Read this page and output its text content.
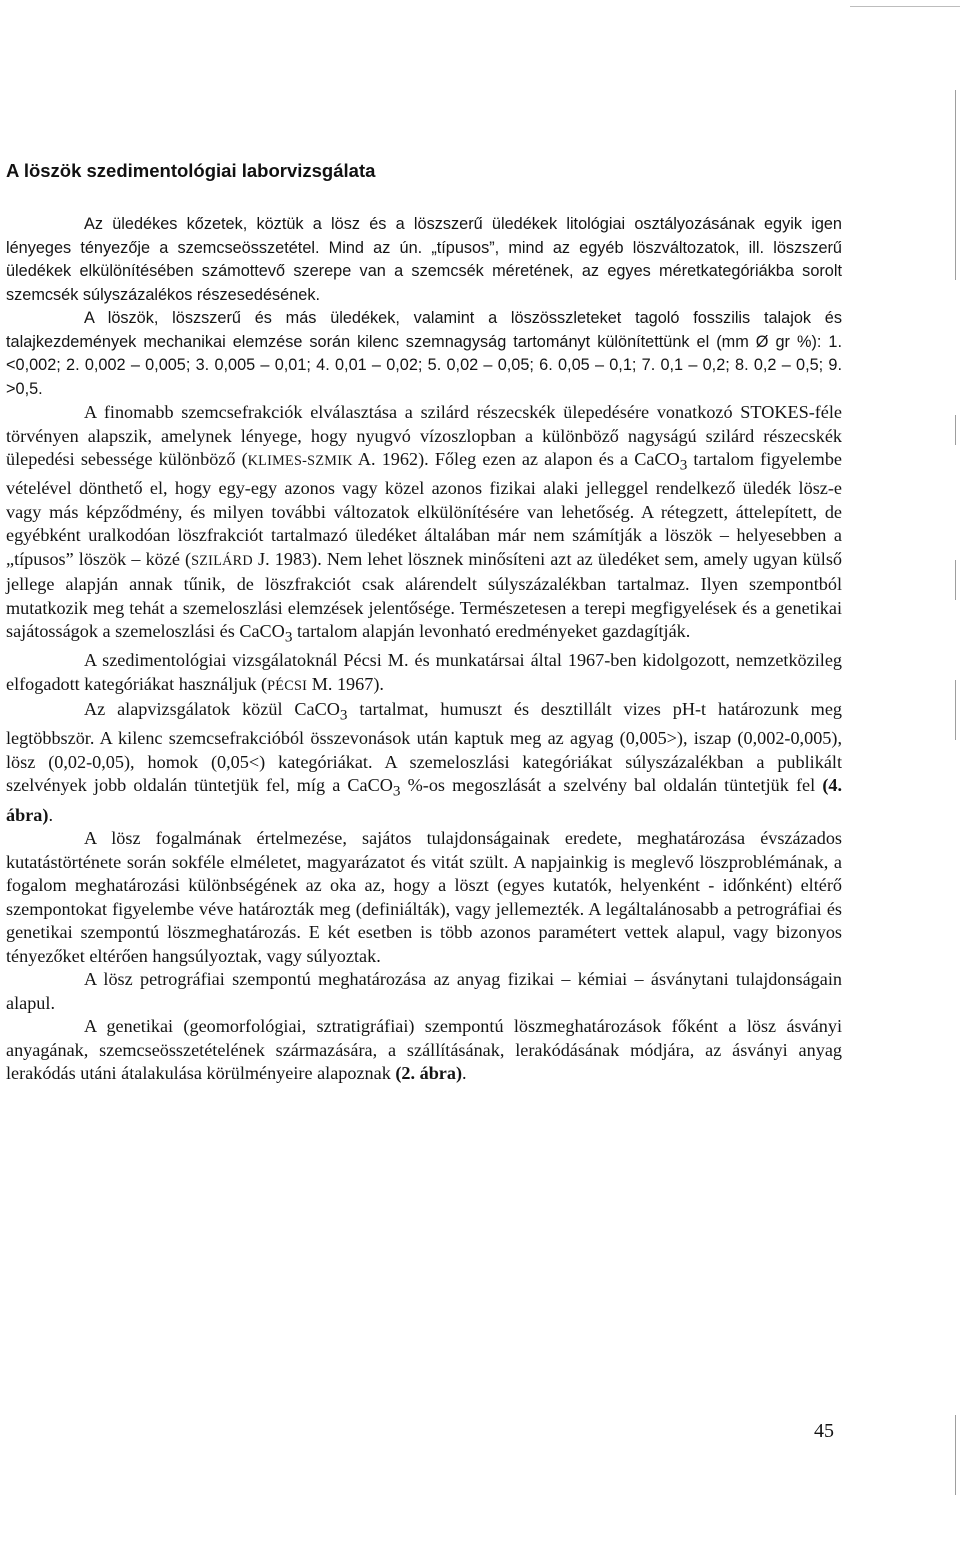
A löszök szedimentológiai laborvizsgálata

Az üledékes kőzetek, köztük a lösz és a löszszerű üledékek litológiai osztályozásának egyik igen lényeges tényezője a szemcseösszetétel. Mind az ún. „típusos”, mind az egyéb löszváltozatok, ill. löszszerű üledékek elkülönítésében számottevő szerepe van a szemcsék méretének, az egyes méretkategóriákba sorolt szemcsék súlyszázalékos részesedésének.

A löszök, löszszerű és más üledékek, valamint a löszösszleteket tagoló fosszilis talajok és talajkezdemények mechanikai elemzése során kilenc szemnagyság tartományt különítettünk el (mm Ø gr %): 1. <0,002; 2. 0,002 – 0,005; 3. 0,005 – 0,01; 4. 0,01 – 0,02; 5. 0,02 – 0,05; 6. 0,05 – 0,1; 7. 0,1 – 0,2; 8. 0,2 – 0,5; 9. >0,5.

A finomabb szemcsefrakciók elválasztása a szilárd részecskék ülepedésére vonatkozó STOKES-féle törvényen alapszik, amelynek lényege, hogy nyugvó vízoszlopban a különböző nagyságú szilárd részecskék ülepedési sebessége különböző (KLIMES-SZMIK A. 1962). Főleg ezen az alapon és a CaCO$_3$ tartalom figyelembe vételével dönthető el, hogy egy-egy azonos vagy közel azonos fizikai alaki jelleggel rendelkező üledék lösz-e vagy más képződmény, és milyen további változatok elkülönítésére van lehetőség. A rétegzett, áttelepített, de egyébként uralkodóan löszfrakciót tartalmazó üledéket általában már nem számítják a löszök – helyesebben a „típusos” löszök – közé (SZILÁRD J. 1983). Nem lehet lösznek minősíteni azt az üledéket sem, amely ugyan külső jellege alapján annak tűnik, de löszfrakciót csak alárendelt súlyszázalékban tartalmaz. Ilyen szempontból mutatkozik meg tehát a szemeloszlási elemzések jelentősége. Természetesen a terepi megfigyelések és a genetikai sajátosságok a szemeloszlási és CaCO$_3$ tartalom alapján levonható eredményeket gazdagítják.

A szedimentológiai vizsgálatoknál Pécsi M. és munkatársai által 1967-ben kidolgozott, nemzetközileg elfogadott kategóriákat használjuk (PÉCSI M. 1967).

Az alapvizsgálatok közül CaCO$_3$ tartalmat, humuszt és desztillált vizes pH-t határozunk meg legtöbbször. A kilenc szemcsefrakcióból összevonások után kaptuk meg az agyag (0,005>), iszap (0,002-0,005), lösz (0,02-0,05), homok (0,05<) kategóriákat. A szemeloszlási kategóriákat súlyszázalékban a publikált szelvények jobb oldalán tüntetjük fel, míg a CaCO$_3$ %-os megoszlását a szelvény bal oldalán tüntetjük fel (4. ábra).

A lösz fogalmának értelmezése, sajátos tulajdonságainak eredete, meghatározása évszázados kutatástörténete során sokféle elméletet, magyarázatot és vitát szült. A napjainkig is meglevő löszproblémának, a fogalom meghatározási különbségének az oka az, hogy a löszt (egyes kutatók, helyenként - időnként) eltérő szempontokat figyelembe véve határozták meg (definiálták), vagy jellemezték. A legáltalánosabb a petrográfiai és genetikai szempontú löszmeghatározás. E két esetben is több azonos paramétert vettek alapul, vagy bizonyos tényezőket eltérően hangsúlyoztak, vagy súlyoztak.

A lösz petrográfiai szempontú meghatározása az anyag fizikai – kémiai – ásványtani tulajdonságain alapul.

A genetikai (geomorfológiai, sztratigráfiai) szempontú löszmeghatározások főként a lösz ásványi anyagának, szemcseösszetételének származására, a szállításának, lerakódásának módjára, az ásványi anyag lerakódás utáni átalakulása körülményeire alapoznak (2. ábra).

45
